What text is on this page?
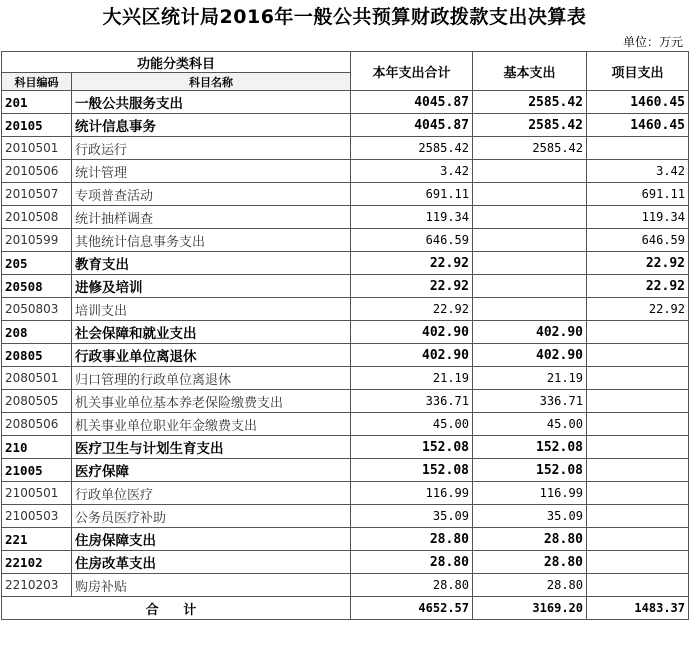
大兴区统计局2016年一般公共预算财政拨款支出决算表
单位：万元
功能分类科目		本年支出合计	基本支出	项目支出
科目编码	科目名称			
201	一般公共服务支出	4045.87	2585.42	1460.45
20105	统计信息事务	4045.87	2585.42	1460.45
2010501	行政运行	2585.42	2585.42	
2010506	统计管理	3.42		3.42
2010507	专项普查活动	691.11		691.11
2010508	统计抽样调查	119.34		119.34
2010599	其他统计信息事务支出	646.59		646.59
205	教育支出	22.92		22.92
20508	进修及培训	22.92		22.92
2050803	培训支出	22.92		22.92
208	社会保障和就业支出	402.90	402.90	
20805	行政事业单位离退休	402.90	402.90	
2080501	归口管理的行政单位离退休	21.19	21.19	
2080505	机关事业单位基本养老保险缴费支出	336.71	336.71	
2080506	机关事业单位职业年金缴费支出	45.00	45.00	
210	医疗卫生与计划生育支出	152.08	152.08	
21005	医疗保障	152.08	152.08	
2100501	行政单位医疗	116.99	116.99	
2100503	公务员医疗补助	35.09	35.09	
221	住房保障支出	28.80	28.80	
22102	住房改革支出	28.80	28.80	
2210203	购房补贴	28.80	28.80	
合 计		4652.57	3169.20	1483.37
